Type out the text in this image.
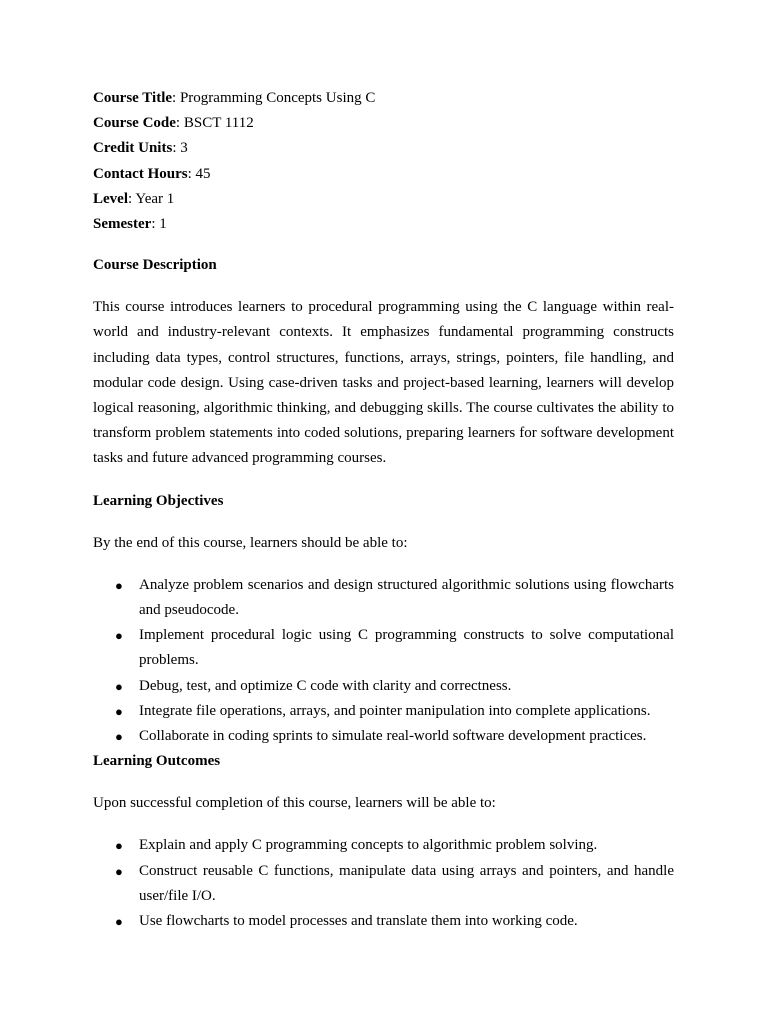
Course Title: Programming Concepts Using C
Course Code: BSCT 1112
Credit Units: 3
Contact Hours: 45
Level: Year 1
Semester: 1
Course Description

This course introduces learners to procedural programming using the C language within real-world and industry-relevant contexts. It emphasizes fundamental programming constructs including data types, control structures, functions, arrays, strings, pointers, file handling, and modular code design. Using case-driven tasks and project-based learning, learners will develop logical reasoning, algorithmic thinking, and debugging skills. The course cultivates the ability to transform problem statements into coded solutions, preparing learners for software development tasks and future advanced programming courses.

Learning Objectives

By the end of this course, learners should be able to:

● Analyze problem scenarios and design structured algorithmic solutions using flowcharts and pseudocode.
● Implement procedural logic using C programming constructs to solve computational problems.
● Debug, test, and optimize C code with clarity and correctness.
● Integrate file operations, arrays, and pointer manipulation into complete applications.
● Collaborate in coding sprints to simulate real-world software development practices.
Learning Outcomes

Upon successful completion of this course, learners will be able to:

● Explain and apply C programming concepts to algorithmic problem solving.
● Construct reusable C functions, manipulate data using arrays and pointers, and handle user/file I/O.
● Use flowcharts to model processes and translate them into working code.
